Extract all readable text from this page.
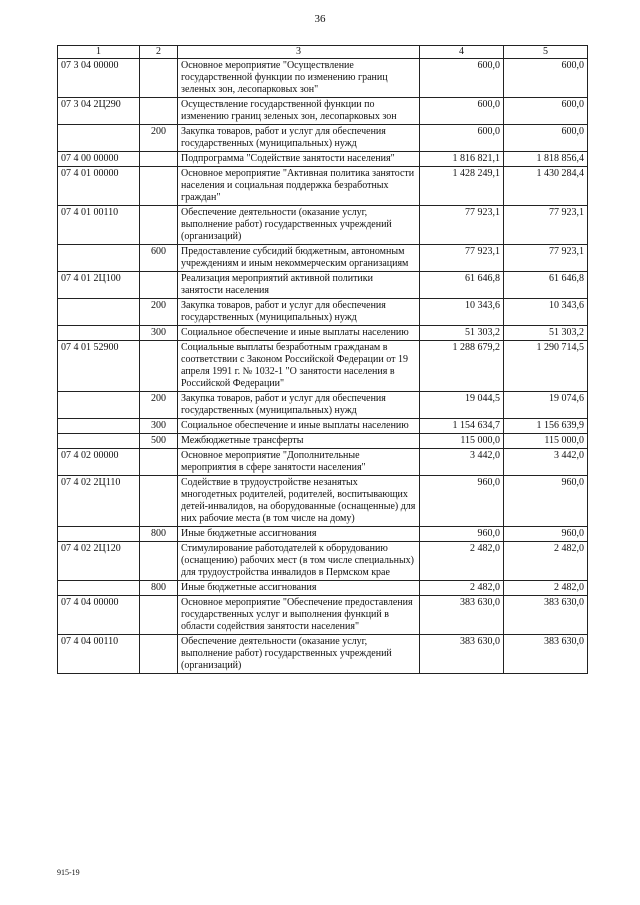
36
1	2	3	4	5
07 3 04 00000		Основное мероприятие "Осуществление государственной функции по изменению границ зеленых зон, лесопарковых зон"	600,0	600,0
07 3 04 2Ц290		Осуществление государственной функции по изменению границ зеленых зон, лесопарковых зон	600,0	600,0
	200	Закупка товаров, работ и услуг для обеспечения государственных (муниципальных) нужд	600,0	600,0
07 4 00 00000		Подпрограмма "Содействие занятости населения"	1 816 821,1	1 818 856,4
07 4 01 00000		Основное мероприятие "Активная политика занятости населения и социальная поддержка безработных граждан"	1 428 249,1	1 430 284,4
07 4 01 00110		Обеспечение деятельности (оказание услуг, выполнение работ) государственных учреждений (организаций)	77 923,1	77 923,1
	600	Предоставление субсидий бюджетным, автономным учреждениям и иным некоммерческим организациям	77 923,1	77 923,1
07 4 01 2Ц100		Реализация мероприятий активной политики занятости населения	61 646,8	61 646,8
	200	Закупка товаров, работ и услуг для обеспечения государственных (муниципальных) нужд	10 343,6	10 343,6
	300	Социальное обеспечение и иные выплаты населению	51 303,2	51 303,2
07 4 01 52900		Социальные выплаты безработным гражданам в соответствии с Законом Российской Федерации от 19 апреля 1991 г. № 1032-1 "О занятости населения в Российской Федерации"	1 288 679,2	1 290 714,5
	200	Закупка товаров, работ и услуг для обеспечения государственных (муниципальных) нужд	19 044,5	19 074,6
	300	Социальное обеспечение и иные выплаты населению	1 154 634,7	1 156 639,9
	500	Межбюджетные трансферты	115 000,0	115 000,0
07 4 02 00000		Основное мероприятие "Дополнительные мероприятия в сфере занятости населения"	3 442,0	3 442,0
07 4 02 2Ц110		Содействие в трудоустройстве незанятых многодетных родителей, родителей, воспитывающих детей-инвалидов, на оборудованные (оснащенные) для них рабочие места (в том числе на дому)	960,0	960,0
	800	Иные бюджетные ассигнования	960,0	960,0
07 4 02 2Ц120		Стимулирование работодателей к оборудованию (оснащению) рабочих мест (в том числе специальных) для трудоустройства инвалидов в Пермском крае	2 482,0	2 482,0
	800	Иные бюджетные ассигнования	2 482,0	2 482,0
07 4 04 00000		Основное мероприятие "Обеспечение предоставления государственных услуг и выполнения функций в области содействия занятости населения"	383 630,0	383 630,0
07 4 04 00110		Обеспечение деятельности (оказание услуг, выполнение работ) государственных учреждений (организаций)	383 630,0	383 630,0
915-19
